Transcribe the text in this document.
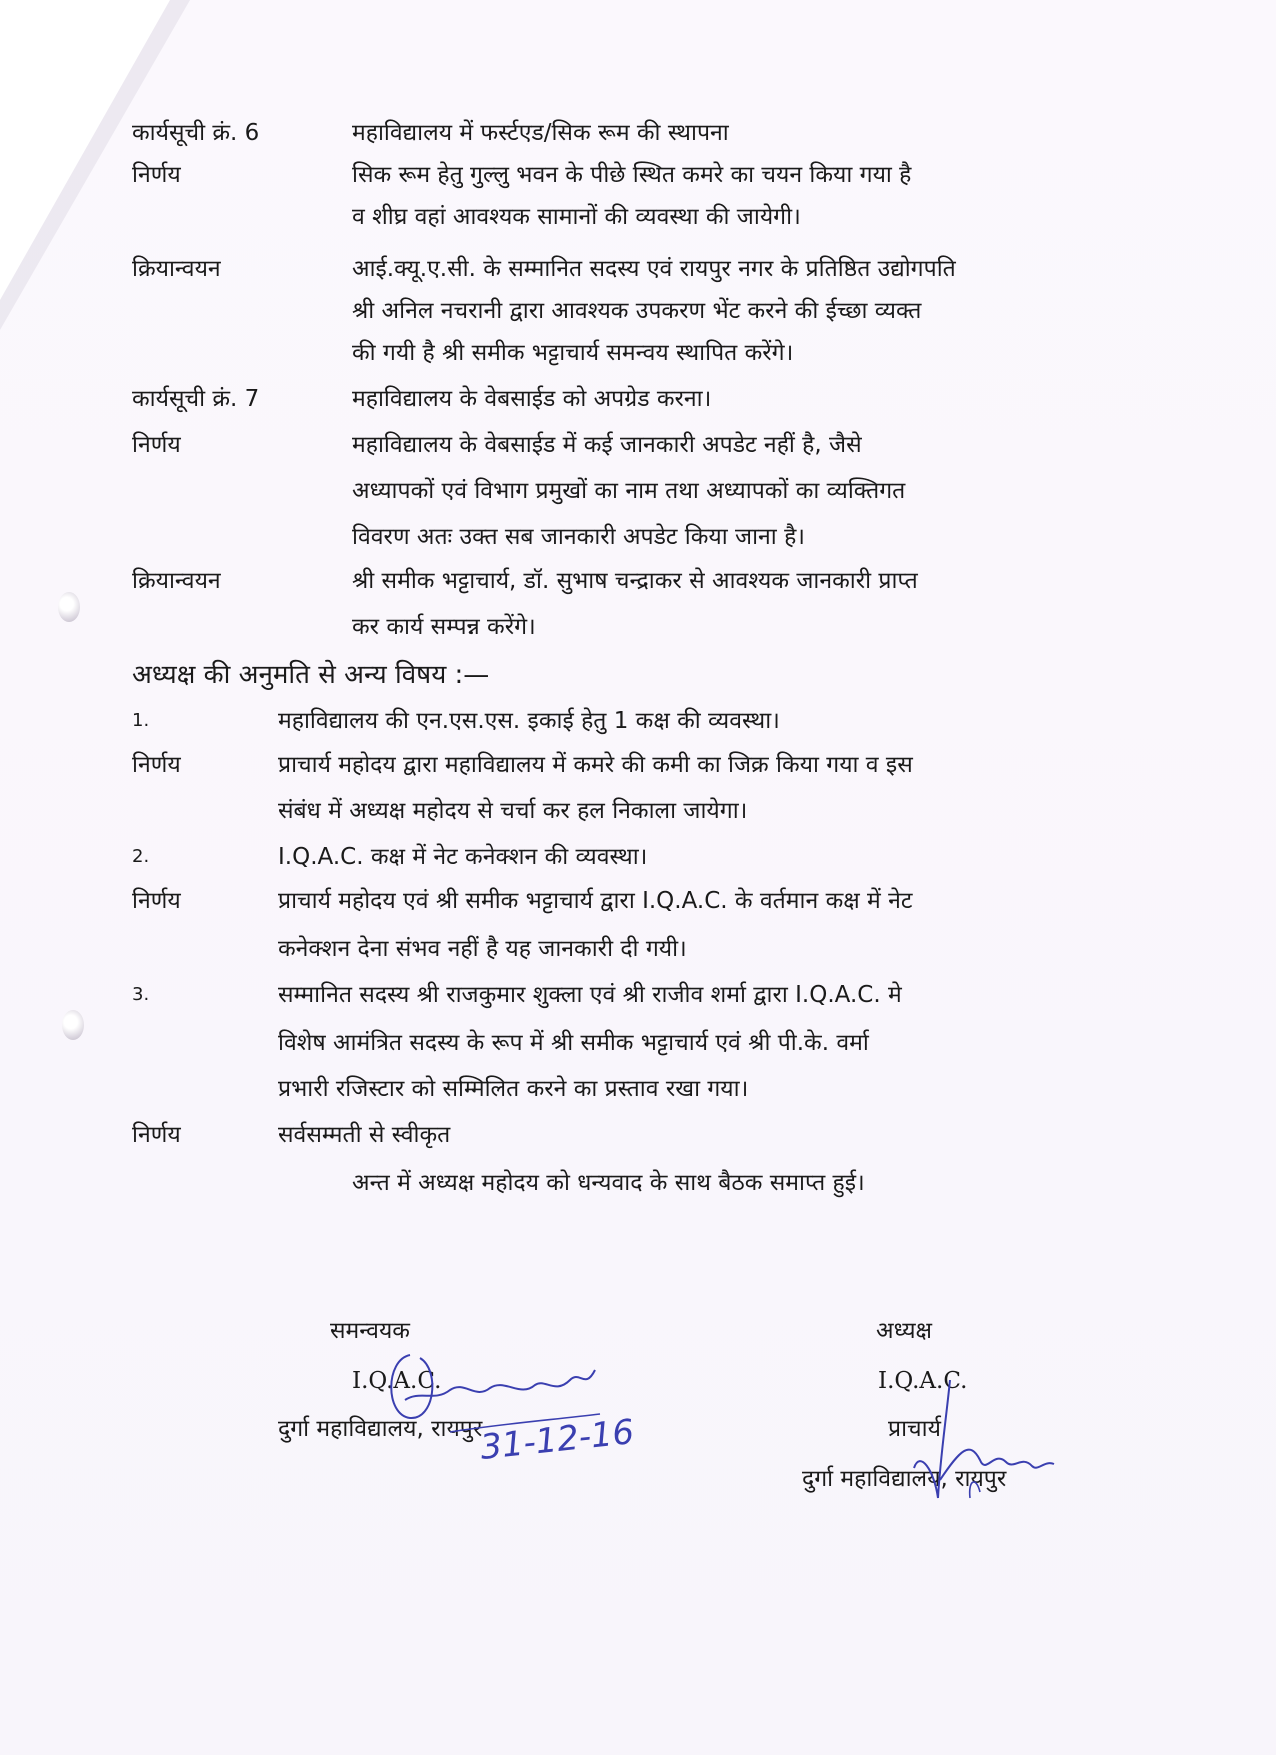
कार्यसूची क्रं. 6	महाविद्यालय में फर्स्टएड/सिक रूम की स्थापना
निर्णय	सिक रूम हेतु गुल्लु भवन के पीछे स्थित कमरे का चयन किया गया है
व शीघ्र वहां आवश्यक सामानों की व्यवस्था की जायेगी।
क्रियान्वयन	आई.क्यू.ए.सी. के सम्मानित सदस्य एवं रायपुर नगर के प्रतिष्ठित उद्योगपति
श्री अनिल नचरानी द्वारा आवश्यक उपकरण भेंट करने की ईच्छा व्यक्त
की गयी है श्री समीक भट्टाचार्य समन्वय स्थापित करेंगे।
कार्यसूची क्रं. 7	महाविद्यालय के वेबसाईड को अपग्रेड करना।
निर्णय	महाविद्यालय के वेबसाईड में कई जानकारी अपडेट नहीं है, जैसे
अध्यापकों एवं विभाग प्रमुखों का नाम तथा अध्यापकों का व्यक्तिगत
विवरण अतः उक्त सब जानकारी अपडेट किया जाना है।
क्रियान्वयन	श्री समीक भट्टाचार्य, डॉ. सुभाष चन्द्राकर से आवश्यक जानकारी प्राप्त
कर कार्य सम्पन्न करेंगे।
अध्यक्ष की अनुमति से अन्य विषय :—
1.	महाविद्यालय की एन.एस.एस. इकाई हेतु 1 कक्ष की व्यवस्था।
निर्णय	प्राचार्य महोदय द्वारा महाविद्यालय में कमरे की कमी का जिक्र किया गया व इस
संबंध में अध्यक्ष महोदय से चर्चा कर हल निकाला जायेगा।
2.	I.Q.A.C. कक्ष में नेट कनेक्शन की व्यवस्था।
निर्णय	प्राचार्य महोदय एवं श्री समीक भट्टाचार्य द्वारा I.Q.A.C. के वर्तमान कक्ष में नेट
कनेक्शन देना संभव नहीं है यह जानकारी दी गयी।
3.	सम्मानित सदस्य श्री राजकुमार शुक्ला एवं श्री राजीव शर्मा द्वारा I.Q.A.C. मे
विशेष आमंत्रित सदस्य के रूप में श्री समीक भट्टाचार्य एवं श्री पी.के. वर्मा
प्रभारी रजिस्टार को सम्मिलित करने का प्रस्ताव रखा गया।
निर्णय	सर्वसम्मती से स्वीकृत
अन्त में अध्यक्ष महोदय को धन्यवाद के साथ बैठक समाप्त हुई।
समन्वयक
I.Q.A.C.
दुर्गा महाविद्यालय, रायपुर
अध्यक्ष
I.Q.A.C.
प्राचार्य
दुर्गा महाविद्यालय, रायपुर
31-12-16
